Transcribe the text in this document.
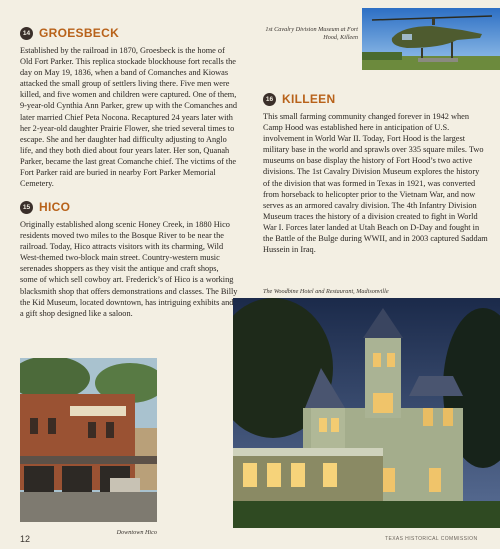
14 GROESBECK

Established by the railroad in 1870, Groesbeck is the home of Old Fort Parker. This replica stockade blockhouse fort recalls the day on May 19, 1836, when a band of Comanches and Kiowas attacked the small group of settlers living there. Five men were killed, and five women and children were captured. One of them, 9-year-old Cynthia Ann Parker, grew up with the Comanches and later married Chief Peta Nocona. Recaptured 24 years later with her 2-year-old daughter Prairie Flower, she tried several times to escape. She and her daughter had difficulty adjusting to Anglo life, and they both died about four years later. Her son, Quanah Parker, became the last great Comanche chief. The victims of the Fort Parker raid are buried in nearby Fort Parker Memorial Cemetery.

15 HICO

Originally established along scenic Honey Creek, in 1880 Hico residents moved two miles to the Bosque River to be near the railroad. Today, Hico attracts visitors with its charming, Wild West-themed two-block main street. Country-western music serenades shoppers as they visit the antique and craft shops, some of which sell cowboy art. Frederick’s of Hico is a working blacksmith shop that offers demonstrations and classes. The Billy the Kid Museum, located downtown, has intriguing exhibits and a gift shop designed like a saloon.

1st Cavalry Division Museum at Fort Hood, Killeen
16 KILLEEN

This small farming community changed forever in 1942 when Camp Hood was established here in anticipation of U.S. involvement in World War II. Today, Fort Hood is the largest military base in the world and sprawls over 335 square miles. Two museums on base display the history of Fort Hood’s two active divisions. The 1st Cavalry Division Museum explores the history of the division that was formed in Texas in 1921, was converted from horseback to helicopter prior to the Vietnam War, and now serves as an armored cavalry division. The 4th Infantry Division Museum traces the history of a division created to fight in World War I. Forces later landed at Utah Beach on D-Day and fought in the Battle of the Bulge during WWII, and in 2003 captured Saddam Hussein in Iraq.

The Woodbine Hotel and Restaurant, Madisonville
Downtown Hico
12	TEXAS HISTORICAL COMMISSION
